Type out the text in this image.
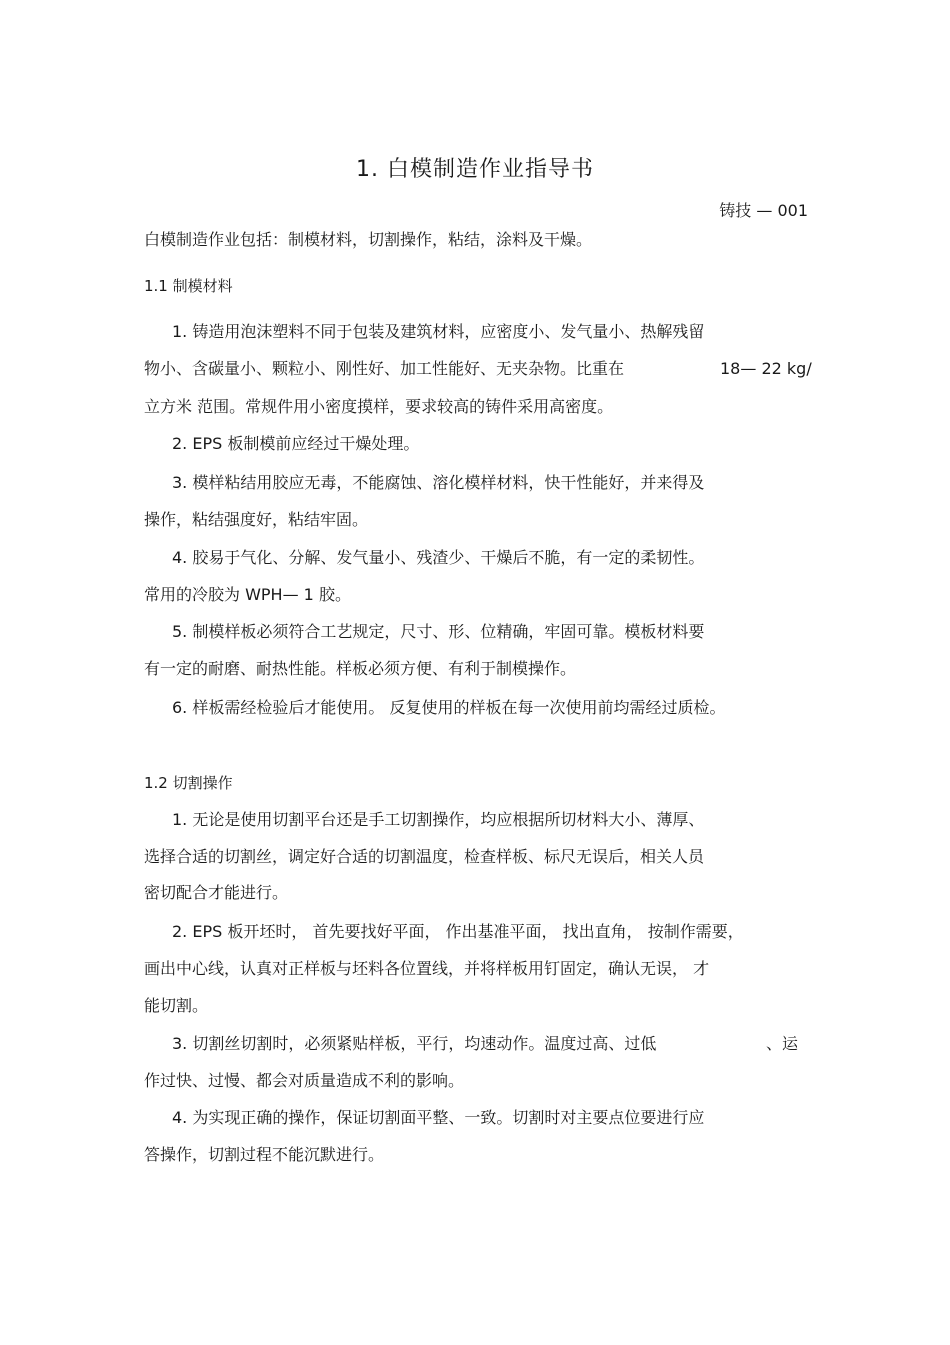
1. 白模制造作业指导书
铸技 — 001
白模制造作业包括：制模材料，切割操作，粘结，涂料及干燥。
1.1 制模材料
1. 铸造用泡沫塑料不同于包装及建筑材料，应密度小、发气量小、热解残留
物小、含碳量小、颗粒小、刚性好、加工性能好、无夹杂物。比重在	18— 22 kg/
立方米 范围。常规件用小密度摸样，要求较高的铸件采用高密度。
2. EPS 板制模前应经过干燥处理。
3. 模样粘结用胶应无毒，不能腐蚀、溶化模样材料，快干性能好，并来得及
操作，粘结强度好，粘结牢固。
4. 胶易于气化、分解、发气量小、残渣少、干燥后不脆，有一定的柔韧性。
常用的冷胶为 WPH— 1 胶。
5. 制模样板必须符合工艺规定，尺寸、形、位精确，牢固可靠。模板材料要
有一定的耐磨、耐热性能。样板必须方便、有利于制模操作。
6. 样板需经检验后才能使用。 反复使用的样板在每一次使用前均需经过质检。
1.2 切割操作
1. 无论是使用切割平台还是手工切割操作，均应根据所切材料大小、薄厚、
选择合适的切割丝，调定好合适的切割温度，检查样板、标尺无误后，相关人员
密切配合才能进行。
2. EPS 板开坯时， 首先要找好平面， 作出基准平面， 找出直角， 按制作需要，
画出中心线，认真对正样板与坯料各位置线，并将样板用钉固定，确认无误， 才
能切割。
3. 切割丝切割时，必须紧贴样板，平行，均速动作。温度过高、过低	、运
作过快、过慢、都会对质量造成不利的影响。
4. 为实现正确的操作，保证切割面平整、一致。切割时对主要点位要进行应
答操作，切割过程不能沉默进行。
